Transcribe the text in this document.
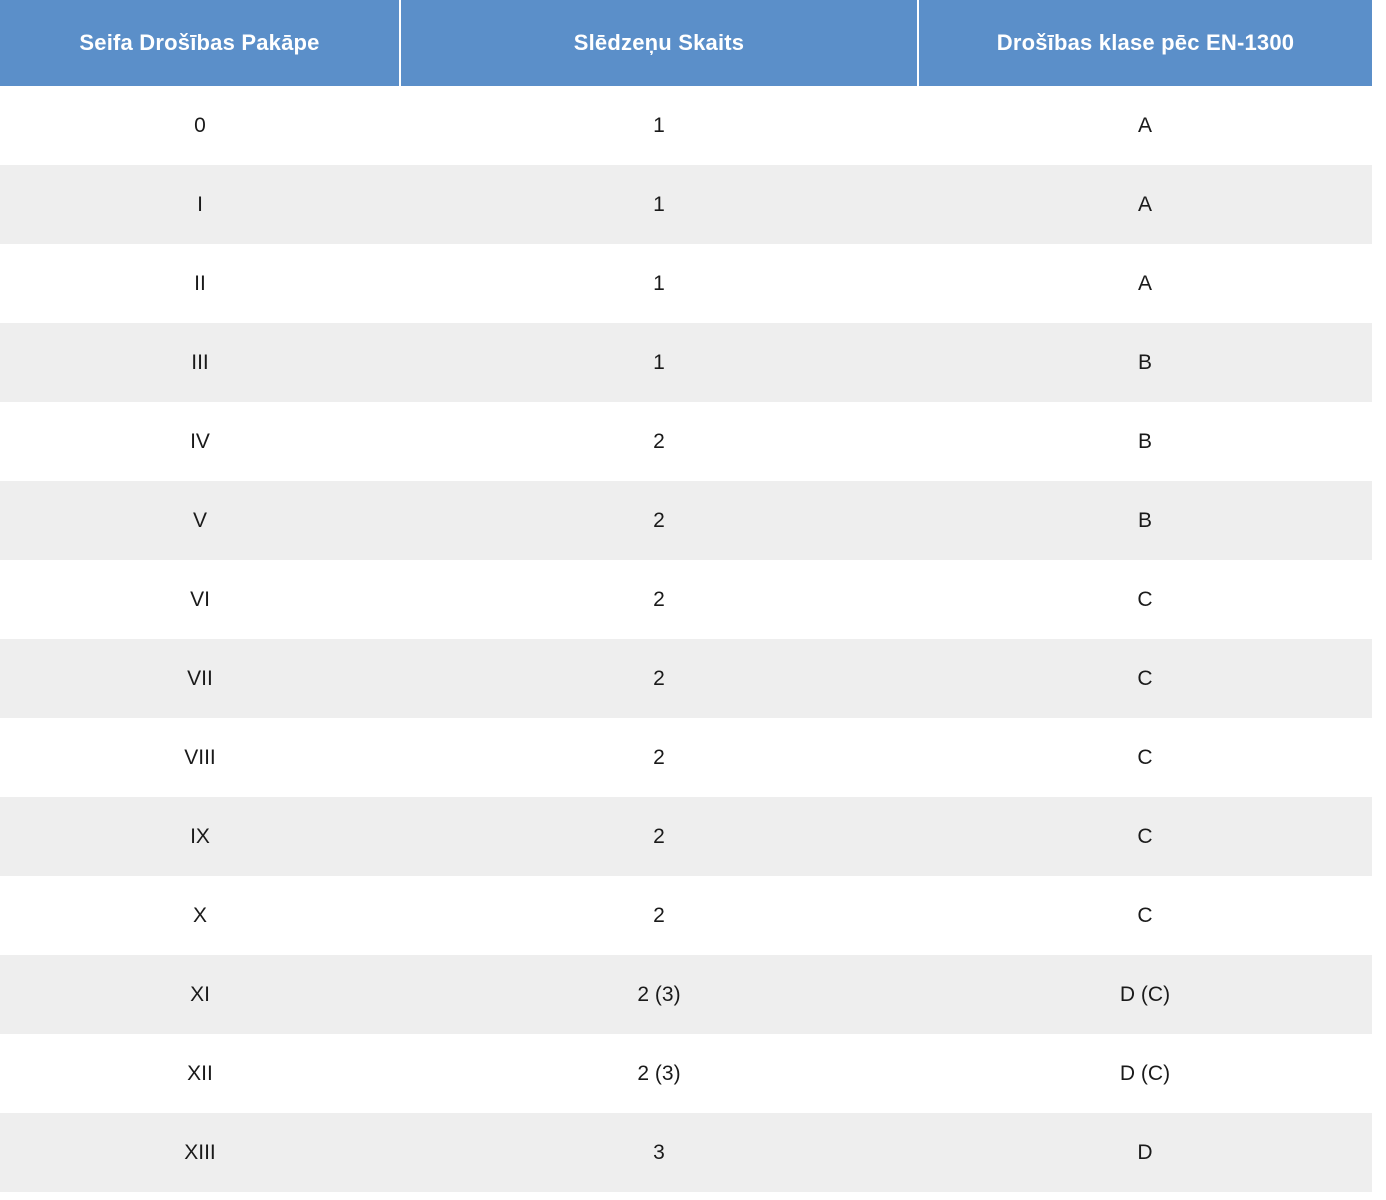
Seifa Drošības Pakāpe	Slēdzeņu Skaits	Drošības klase pēc EN-1300
0	1	A
I	1	A
II	1	A
III	1	B
IV	2	B
V	2	B
VI	2	C
VII	2	C
VIII	2	C
IX	2	C
X	2	C
XI	2 (3)	D (C)
XII	2 (3)	D (C)
XIII	3	D
